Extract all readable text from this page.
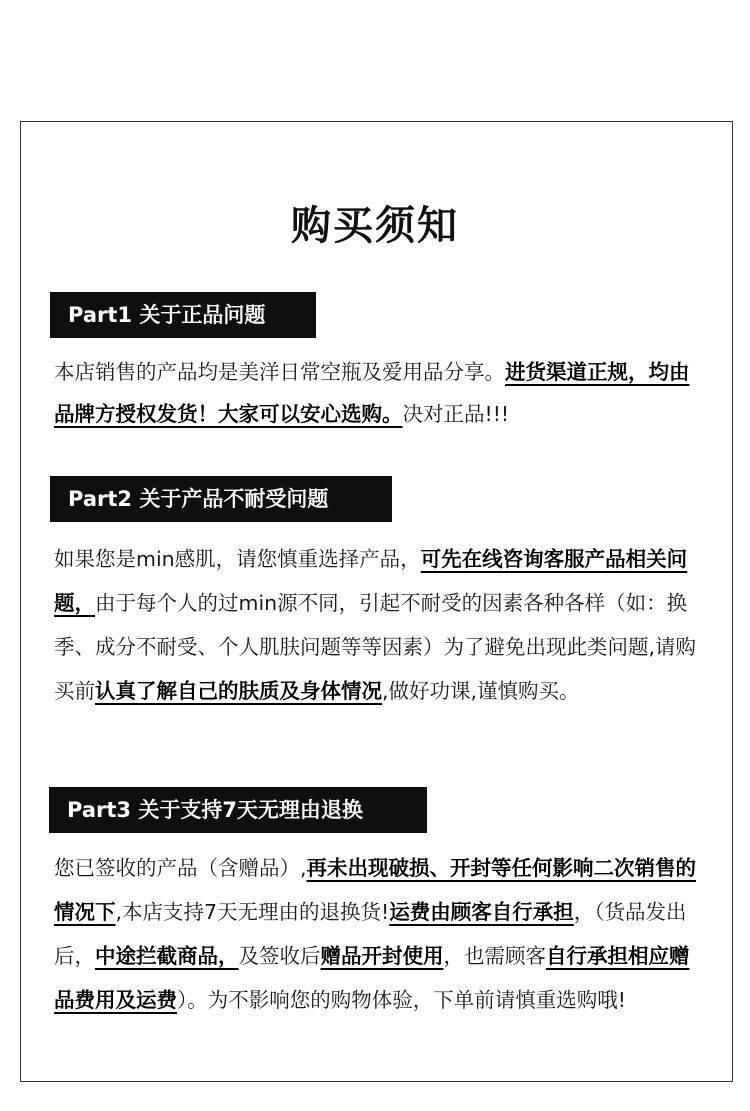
购买须知
Part1 关于正品问题

本店销售的产品均是美洋日常空瓶及爱用品分享。进货渠道正规，均由品牌方授权发货！大家可以安心选购。决对正品!!!

Part2 关于产品不耐受问题

如果您是min感肌，请您慎重选择产品，可先在线咨询客服产品相关问题，由于每个人的过min源不同，引起不耐受的因素各种各样（如：换季、成分不耐受、个人肌肤问题等等因素）为了避免出现此类问题,请购买前认真了解自己的肤质及身体情况,做好功课,谨慎购买。

Part3 关于支持7天无理由退换

您已签收的产品（含赠品）,再未出现破损、开封等任何影响二次销售的情况下,本店支持7天无理由的退换货!运费由顾客自行承担，（货品发出后，中途拦截商品，及签收后赠品开封使用，也需顾客自行承担相应赠品费用及运费）。为不影响您的购物体验，下单前请慎重选购哦!
